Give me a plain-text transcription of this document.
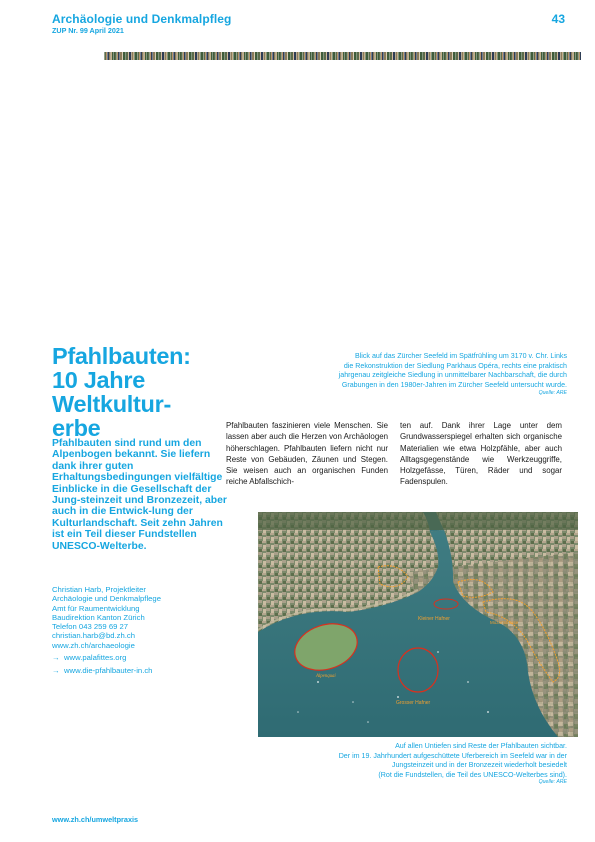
Archäologie und Denkmalpfleg
ZUP Nr. 99 April 2021
43
Pfahlbauten:
10 Jahre
Weltkultur-
erbe
Pfahlbauten sind rund um den Alpenbogen bekannt. Sie liefern dank ihrer guten Erhaltungsbedingungen vielfältige Einblicke in die Gesellschaft der Jung-steinzeit und Bronzezeit, aber auch in die Entwick-lung der Kulturlandschaft. Seit zehn Jahren ist ein Teil dieser Fundstellen UNESCO-Welterbe.
Christian Harb, Projektleiter
Archäologie und Denkmalpflege
Amt für Raumentwicklung
Baudirektion Kanton Zürich
Telefon 043 259 69 27
christian.harb@bd.zh.ch
www.zh.ch/archaeologie
→ www.palafittes.org
→ www.die-pfahlbauter-in.ch
Blick auf das Zürcher Seefeld im Spätfrühling um 3170 v. Chr. Links
die Rekonstruktion der Siedlung Parkhaus Opéra, rechts eine praktisch
jahrgenau zeitgleiche Siedlung in unmittelbarer Nachbarschaft, die durch
Grabungen in den 1980er-Jahren im Zürcher Seefeld untersucht wurde.
Quelle: ARE
Pfahlbauten faszinieren viele Menschen. Sie lassen aber auch die Herzen von Archäologen höherschlagen. Pfahlbauten liefern nicht nur Reste von Gebäuden, Zäunen und Stegen. Sie weisen auch an organischen Funden reiche Abfallschich-
ten auf. Dank ihrer Lage unter dem Grundwasserspiegel erhalten sich organische Materialien wie etwa Holzpfähle, aber auch Alltagsgegenstände wie Werkzeuggriffe, Holzgefässe, Türen, Räder und sogar Fadenspulen.
Kleiner Hafner
Mozartstrasse
Alpenquai
Grosser Hafner
Auf allen Untiefen sind Reste der Pfahlbauten sichtbar.
Der im 19. Jahrhundert aufgeschüttete Uferbereich im Seefeld war in der
Jungsteinzeit und in der Bronzezeit wiederholt besiedelt
(Rot die Fundstellen, die Teil des UNESCO-Welterbes sind).
Quelle: ARE
www.zh.ch/umweltpraxis
